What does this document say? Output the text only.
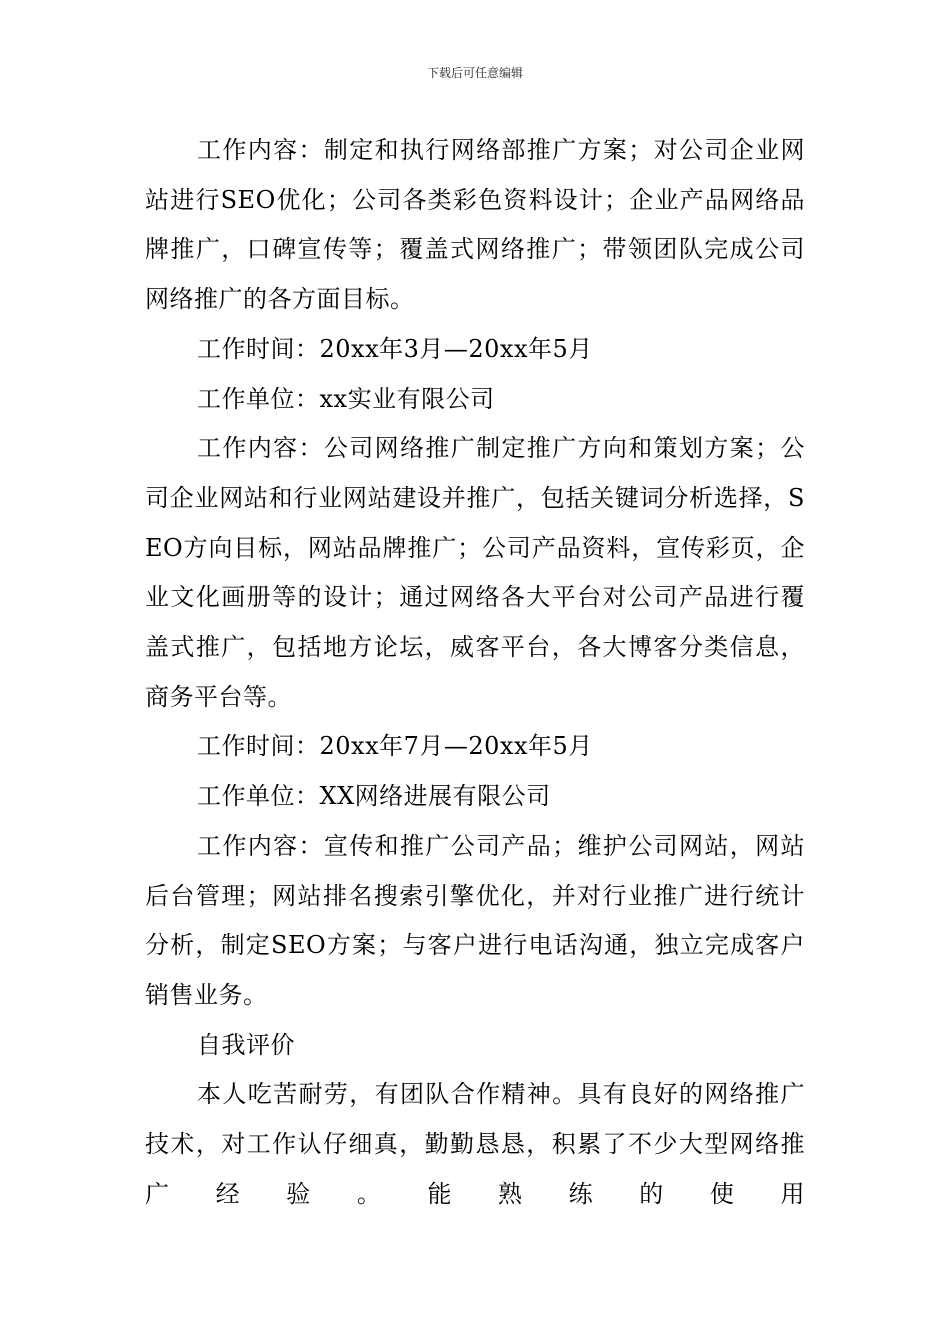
下载后可任意编辑

工作内容：制定和执行网络部推广方案；对公司企业网站进行SEO优化；公司各类彩色资料设计；企业产品网络品牌推广，口碑宣传等；覆盖式网络推广；带领团队完成公司网络推广的各方面目标。

工作时间：20xx年3月—20xx年5月

工作单位：xx实业有限公司

工作内容：公司网络推广制定推广方向和策划方案；公司企业网站和行业网站建设并推广，包括关键词分析选择，SEO方向目标，网站品牌推广；公司产品资料，宣传彩页，企业文化画册等的设计；通过网络各大平台对公司产品进行覆盖式推广，包括地方论坛，威客平台，各大博客分类信息，商务平台等。

工作时间：20xx年7月—20xx年5月

工作单位：XX网络进展有限公司

工作内容：宣传和推广公司产品；维护公司网站，网站后台管理；网站排名搜索引擎优化，并对行业推广进行统计分析，制定SEO方案；与客户进行电话沟通，独立完成客户销售业务。

自我评价

本人吃苦耐劳，有团队合作精神。具有良好的网络推广技术，对工作认仔细真，勤勤恳恳，积累了不少大型网络推广经验。能熟练的使用
